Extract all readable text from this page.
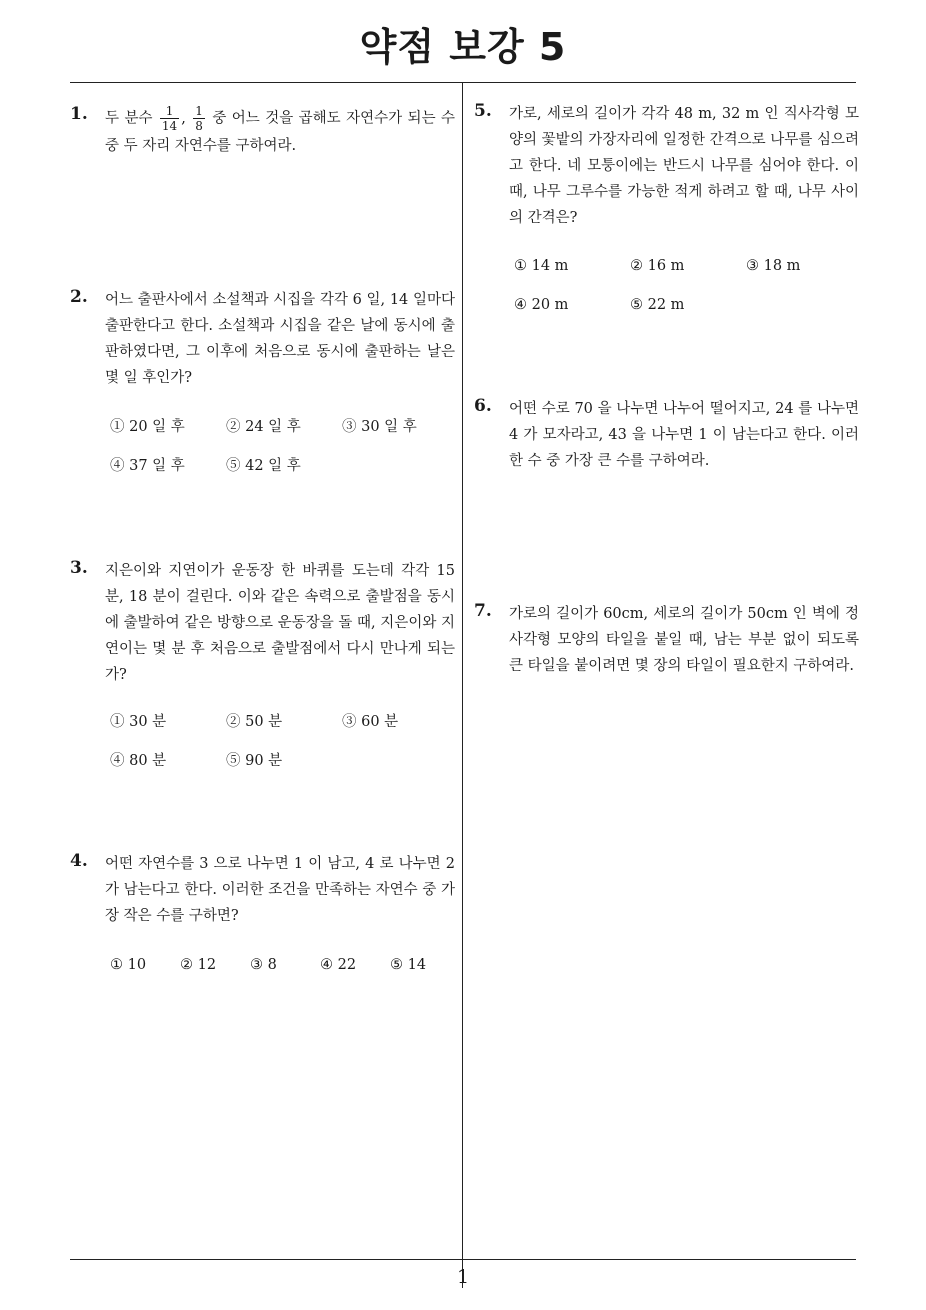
약점 보강 5
1
1. 두 분수 $\frac{1}{14}$ , $\frac{1}{8}$ 중 어느 것을 곱해도 자연수가 되는 수 중 두 자리 자연수를 구하여라.
2. 어느 출판사에서 소설책과 시집을 각각 6 일, 14 일마다 출판한다고 한다. 소설책과 시집을 같은 날에 동시에 출판하였다면, 그 이후에 처음으로 동시에 출판하는 날은 몇 일 후인가?
① 20 일 후	② 24 일 후	③ 30 일 후
④ 37 일 후	⑤ 42 일 후
3. 지은이와 지연이가 운동장 한 바퀴를 도는데 각각 15 분, 18 분이 걸린다. 이와 같은 속력으로 출발점을 동시에 출발하여 같은 방향으로 운동장을 돌 때, 지은이와 지연이는 몇 분 후 처음으로 출발점에서 다시 만나게 되는가?
① 30 분	② 50 분	③ 60 분
④ 80 분	⑤ 90 분
4. 어떤 자연수를 3 으로 나누면 1 이 남고, 4 로 나누면 2 가 남는다고 한다. 이러한 조건을 만족하는 자연수 중 가장 작은 수를 구하면?
① 10 ② 12 ③ 8	④ 22 ⑤ 14
5. 가로, 세로의 길이가 각각 48 m, 32 m 인 직사각형 모양의 꽃밭의 가장자리에 일정한 간격으로 나무를 심으려고 한다. 네 모퉁이에는 반드시 나무를 심어야 한다. 이때, 나무 그루수를 가능한 적게 하려고 할 때, 나무 사이의 간격은?
① 14 m	② 16 m	③ 18 m
④ 20 m	⑤ 22 m
6. 어떤 수로 70 을 나누면 나누어 떨어지고, 24 를 나누면 4 가 모자라고, 43 을 나누면 1 이 남는다고 한다. 이러한 수 중 가장 큰 수를 구하여라.
7. 가로의 길이가 60cm, 세로의 길이가 50cm 인 벽에 정사각형 모양의 타일을 붙일 때, 남는 부분 없이 되도록 큰 타일을 붙이려면 몇 장의 타일이 필요한지 구하여라.
